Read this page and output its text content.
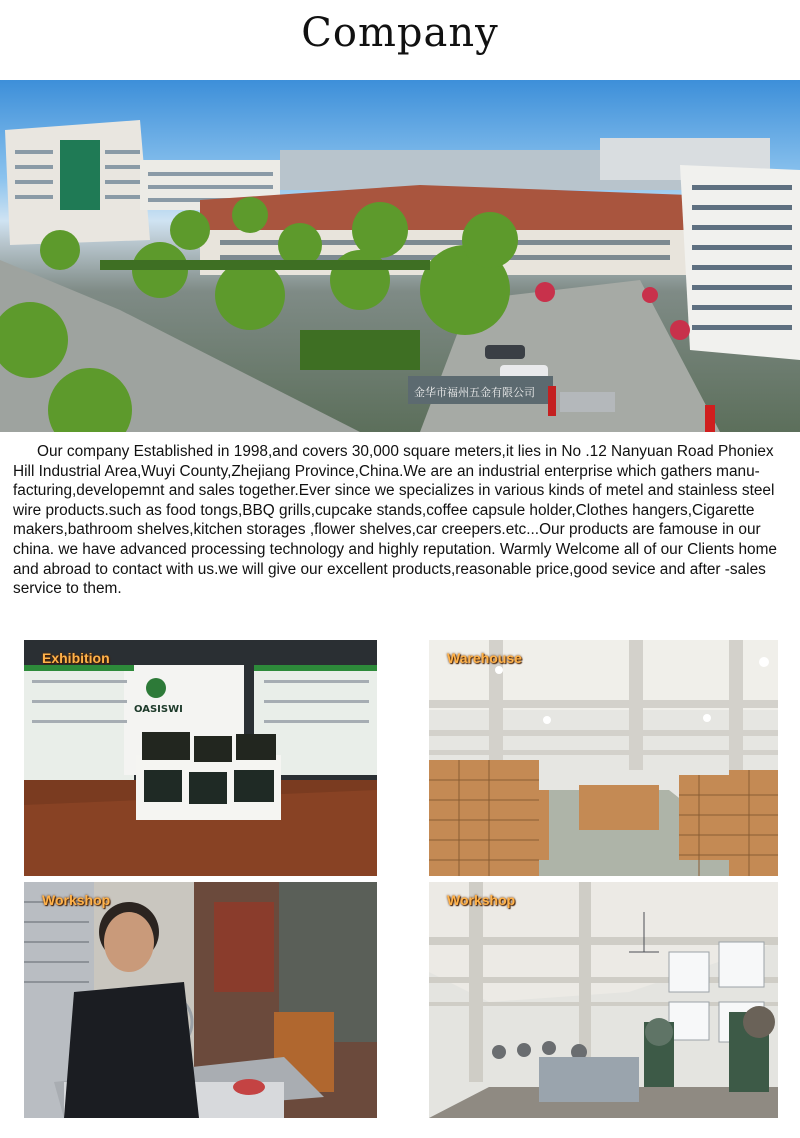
Company
金华市福州五金有限公司

Our company Established in 1998,and covers 30,000 square meters,it lies in No .12 Nanyuan Road Phoniex Hill Industrial Area,Wuyi County,Zhejiang Province,China.We are an industrial enterprise which gathers manu-facturing,developemnt and sales together.Ever since we specializes in various kinds of metel and stainless steel wire products.such as food tongs,BBQ grills,cupcake stands,coffee capsule holder,Clothes hangers,Cigarette makers,bathroom shelves,kitchen storages ,flower shelves,car creepers.etc...Our products are famouse in our china. we have advanced processing technology and highly reputation. Warmly Welcome all of our Clients home and abroad to contact with us.we will give our excellent products,reasonable price,good sevice and after -sales service to them.

OASISWI
Exhibition	Warehouse
Workshop	Workshop
